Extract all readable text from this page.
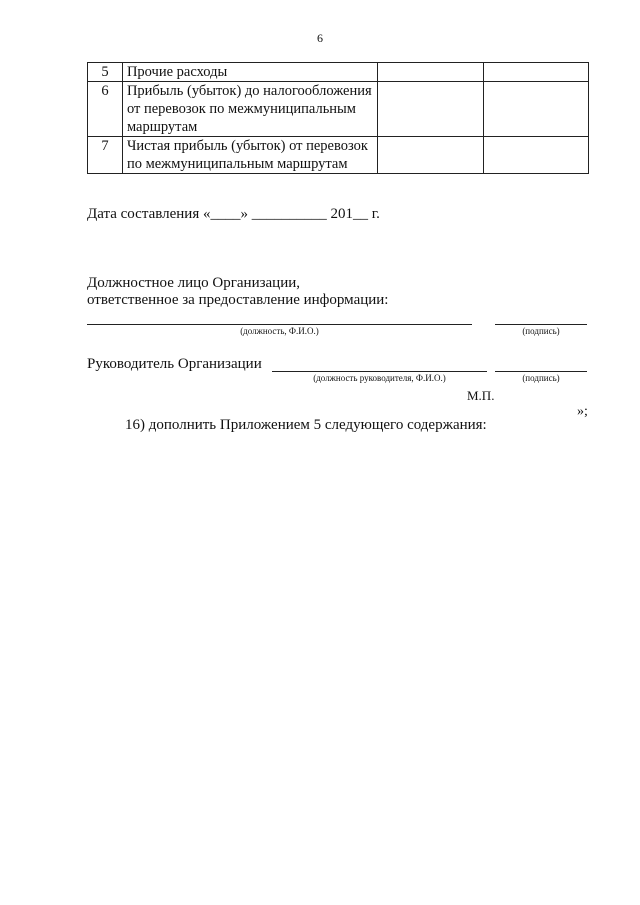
6
5	Прочие расходы		
6	Прибыль (убыток) до налогообложения от перевозок по межмуниципальным маршрутам		
7	Чистая прибыль (убыток) от перевозок по межмуниципальным маршрутам		
Дата составления «____» __________ 201__ г.
Должностное лицо Организации,
ответственное за предоставление информации:
(должность, Ф.И.О.)	(подпись)
Руководитель Организации
(должность руководителя, Ф.И.О.)	(подпись)
М.П.
»;
16) дополнить Приложением 5 следующего содержания:
